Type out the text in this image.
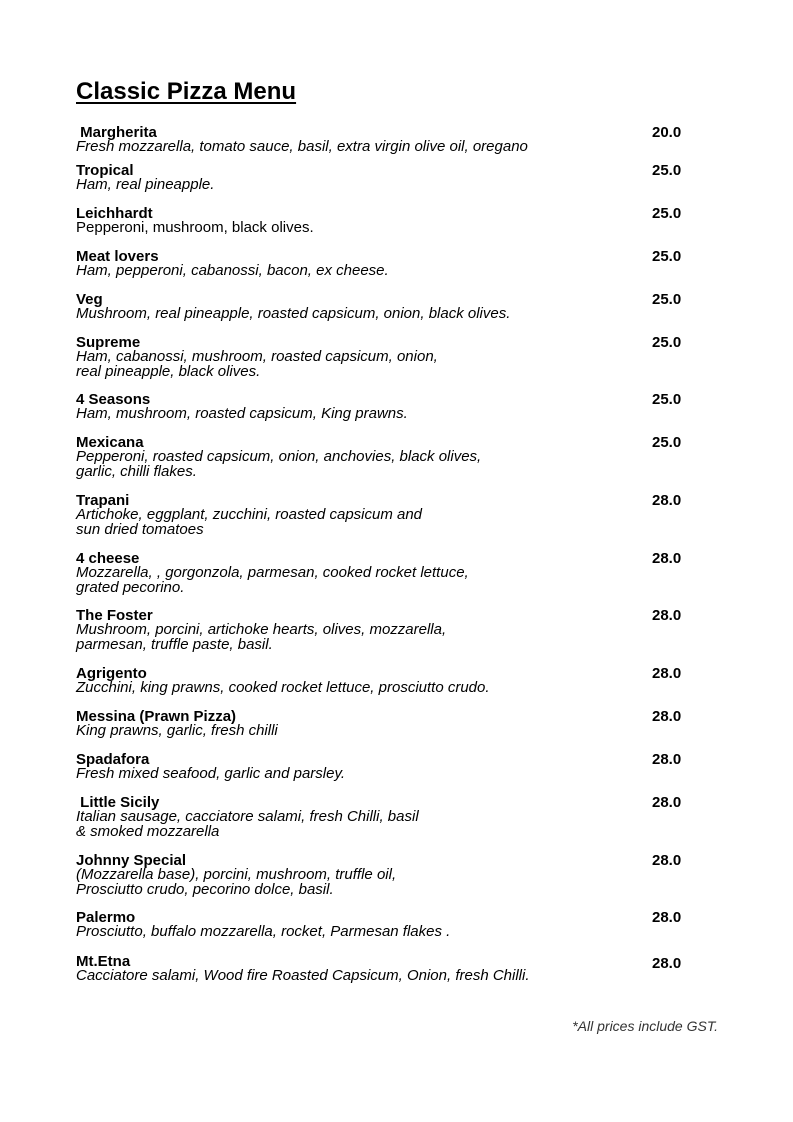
Classic Pizza Menu
Margherita
Fresh mozzarella, tomato sauce, basil, extra virgin olive oil, oregano
20.0
Tropical
Ham, real pineapple.
25.0
Leichhardt
Pepperoni, mushroom, black olives.
25.0
Meat lovers
Ham, pepperoni, cabanossi, bacon, ex cheese.
25.0
Veg
Mushroom, real pineapple, roasted capsicum, onion, black olives.
25.0
Supreme
Ham, cabanossi, mushroom, roasted capsicum, onion,
real pineapple, black olives.
25.0
4 Seasons
Ham, mushroom, roasted capsicum, King prawns.
25.0
Mexicana
Pepperoni, roasted capsicum, onion, anchovies, black olives,
garlic, chilli flakes.
25.0
Trapani
Artichoke, eggplant, zucchini, roasted capsicum and
sun dried tomatoes
28.0
4 cheese
Mozzarella, , gorgonzola, parmesan, cooked rocket lettuce,
grated pecorino.
28.0
The Foster
Mushroom, porcini, artichoke hearts, olives, mozzarella,
parmesan, truffle paste, basil.
28.0
Agrigento
Zucchini, king prawns, cooked rocket lettuce, prosciutto crudo.
28.0
Messina (Prawn Pizza)
King prawns, garlic, fresh chilli
28.0
Spadafora
Fresh mixed seafood, garlic and parsley.
28.0
Little Sicily
Italian sausage, cacciatore salami, fresh Chilli, basil
& smoked mozzarella
28.0
Johnny Special
(Mozzarella base), porcini, mushroom, truffle oil,
Prosciutto crudo, pecorino dolce, basil.
28.0
Palermo
Prosciutto, buffalo mozzarella, rocket, Parmesan flakes .
28.0
Mt.Etna
Cacciatore salami, Wood fire Roasted Capsicum, Onion, fresh Chilli.
28.0
*All prices include GST.
